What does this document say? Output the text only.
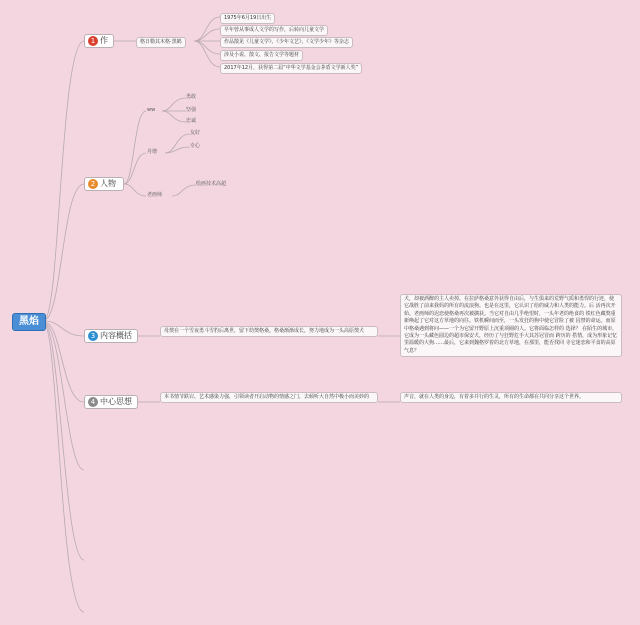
黑焰
1 作	格日勒其木格·黑鹤
1975年6月19日出生
早年曾从事成人文学的写作，后转向儿童文学
作品散见《儿童文学》、《少年文艺》、《文学少年》等杂志
涉及小说、散文、报告文学等题材
2017年12月，获得第二届“中华文学基金会茅盾文学新人奖”
2 人物
ww
勇敢
坚强
忠诚
丹增
友好
专心
老画师
绘画技术高超
3 内容概括	母獒在一个雪夜勇斗雪豹后离世，留下幼獒格桑。格桑渐渐成长，努力地成为一头高原獒犬
犬，却被酒醉的主人卖掉。在拉萨格桑意外获得自由后，与生俱来的荒野气质和勇悍的行迹，使它战胜了前来我妈的所有的流浪狗。也是在这里，它认识了给的威力和人类的能力。后 活再次开始。老画师的迟恋使格桑再次被擒获。当它对自由几乎绝望时，一头年老的绝食的 铁红色藏獒重新唤起了它对这方草地的向往。铁机瞬间而至，一头发狂的狗中使它冒险了被 囚禁的命运。而原中格桑遇到将问——一个为它留开野原上沉重项圈的人。它将面临怎样的 选择？ 在陌生的城市，它成为一头藏色圆边的超市保安犬，经历了与狂野危手大其苏冠冒而 跨历的 搭情，成为形象记忆里温暖的大狗……最后，它来到魏格罗着的北方草地，在那里，能否找回 寺它迷恋和平食的高原气息？
4 中心思想	本书情节跌宕、艺术感染力强，引领读者开启动物的情感之门，去倾听大自然中极小而美妙的	声音，就在人类的身边，有着多并行的生灵，所有的生命都在共同分享这个世界。
